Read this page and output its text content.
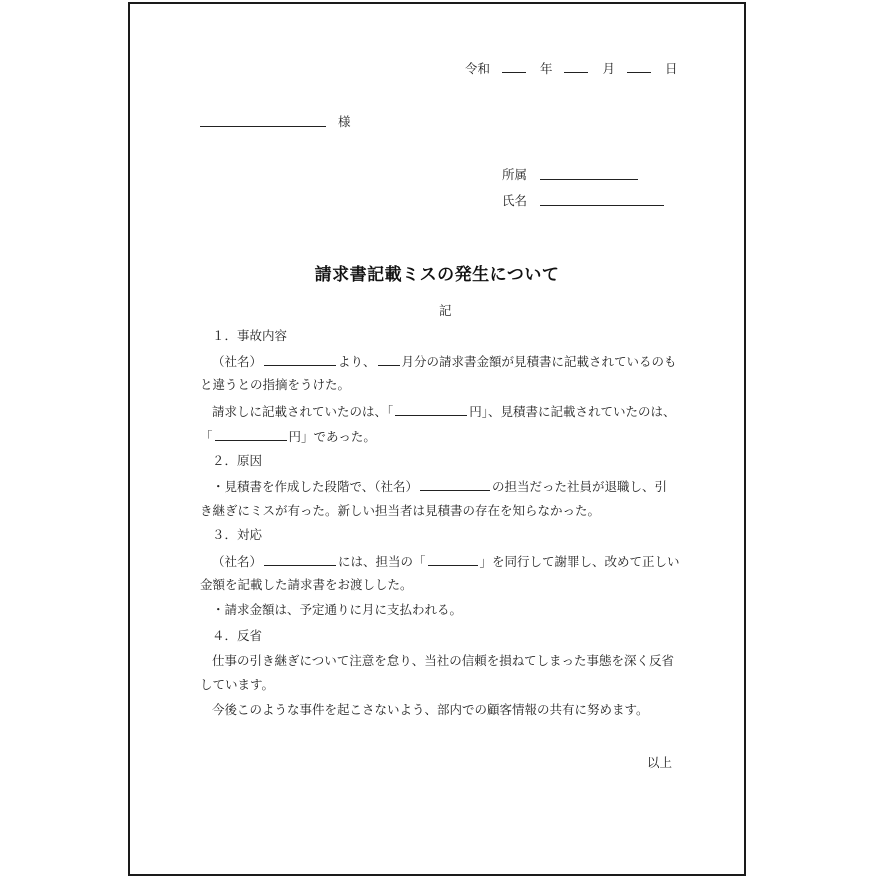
令和	年	月	日
様
所属
氏名
請求書記載ミスの発生について
記
１．事故内容
（社名）	より、 月分の請求書金額が見積書に記載されているのも
と違うとの指摘をうけた。
請求しに記載されていたのは、「	円」、見積書に記載されていたのは、
「	円」であった。
２．原因
・見積書を作成した段階で、（社名）	の担当だった社員が退職し、引
き継ぎにミスが有った。新しい担当者は見積書の存在を知らなかった。
３．対応
（社名）	には、担当の「	」を同行して謝罪し、改めて正しい
金額を記載した請求書をお渡しした。
・請求金額は、予定通りに月に支払われる。
４．反省
仕事の引き継ぎについて注意を怠り、当社の信頼を損ねてしまった事態を深く反省
しています。
今後このような事件を起こさないよう、部内での顧客情報の共有に努めます。
以上
